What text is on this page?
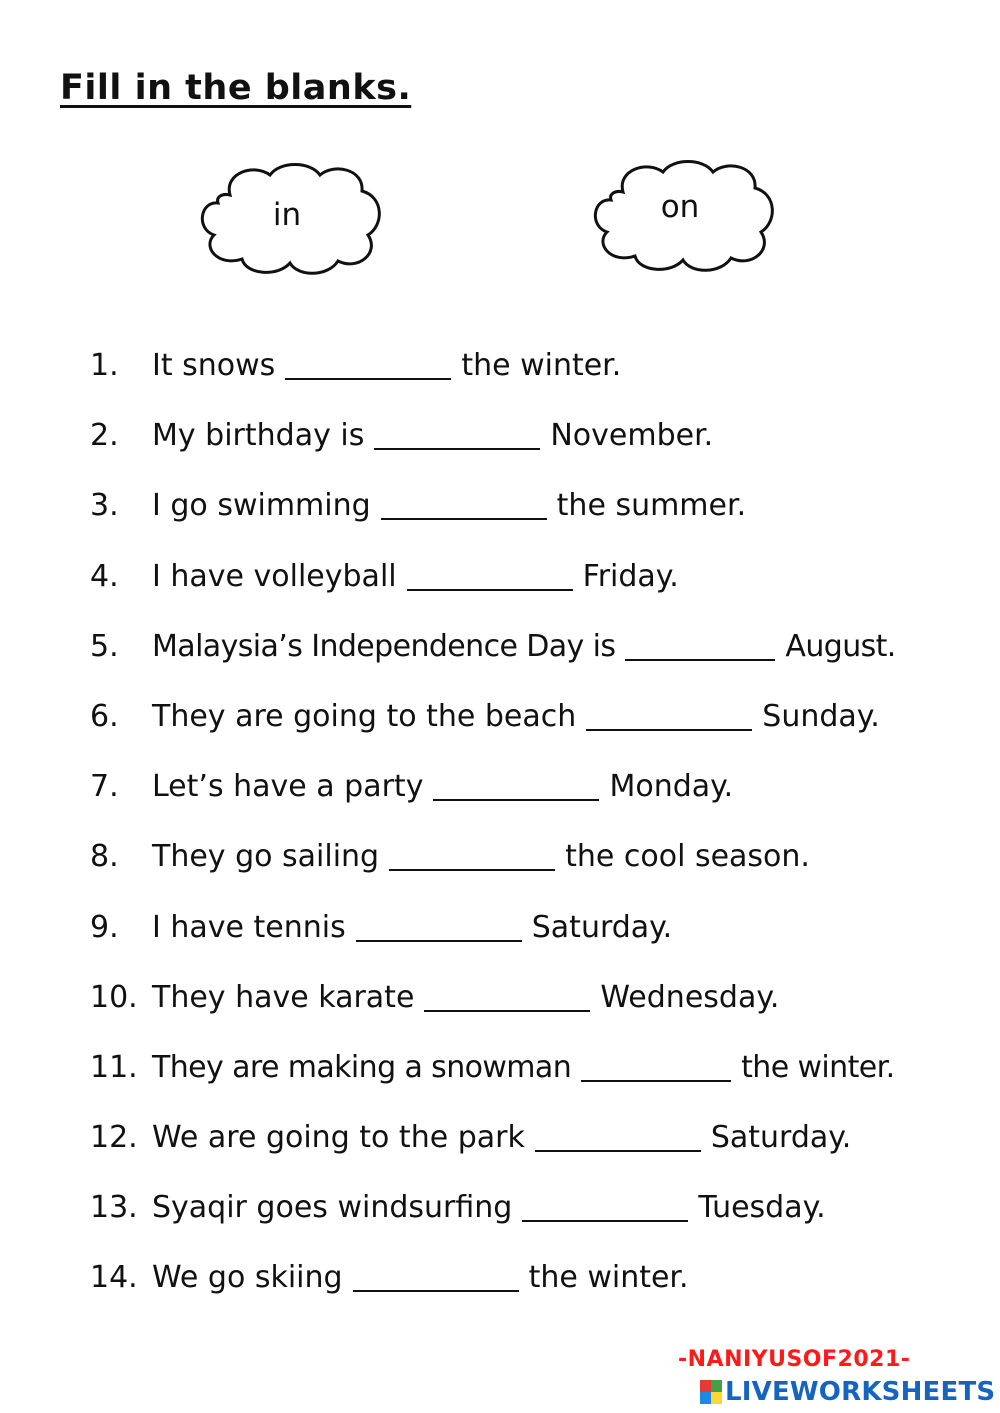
Fill in the blanks.
in	on
1.	It snows	the winter.
2.	My birthday is	November.
3.	I go swimming	the summer.
4.	I have volleyball	Friday.
5.	Malaysia’s Independence Day is	August.
6.	They are going to the beach	Sunday.
7.	Let’s have a party	Monday.
8.	They go sailing	the cool season.
9.	I have tennis	Saturday.
10. They have karate	Wednesday.
11. They are making a snowman	the winter.
12. We are going to the park	Saturday.
13. Syaqir goes windsurfing	Tuesday.
14. We go skiing	the winter.
-NANIYUSOF2021-
LIVEWORKSHEETS
